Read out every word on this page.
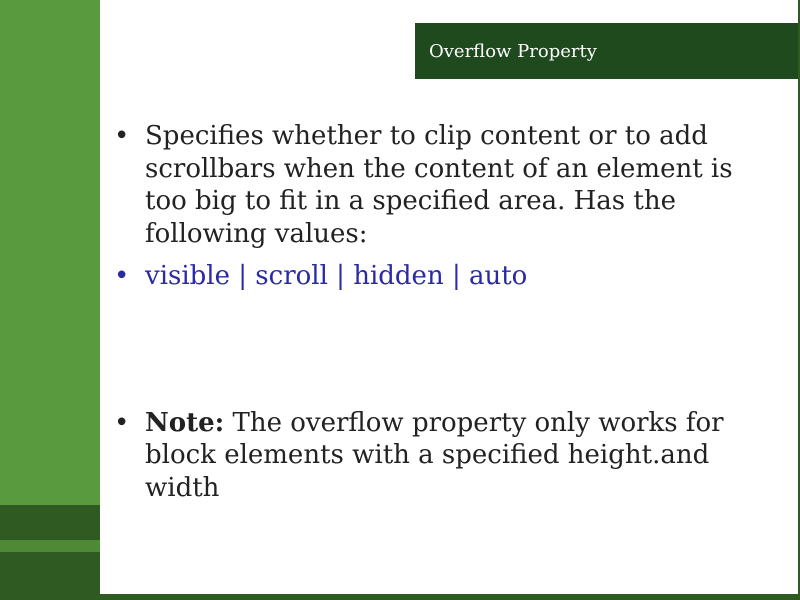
Overflow Property
• Specifies whether to clip content or to add scrollbars when the content of an element is too big to fit in a specified area. Has the following values:
• visible | scroll | hidden | auto
• Note: The overflow property only works for block elements with a specified height.and width
